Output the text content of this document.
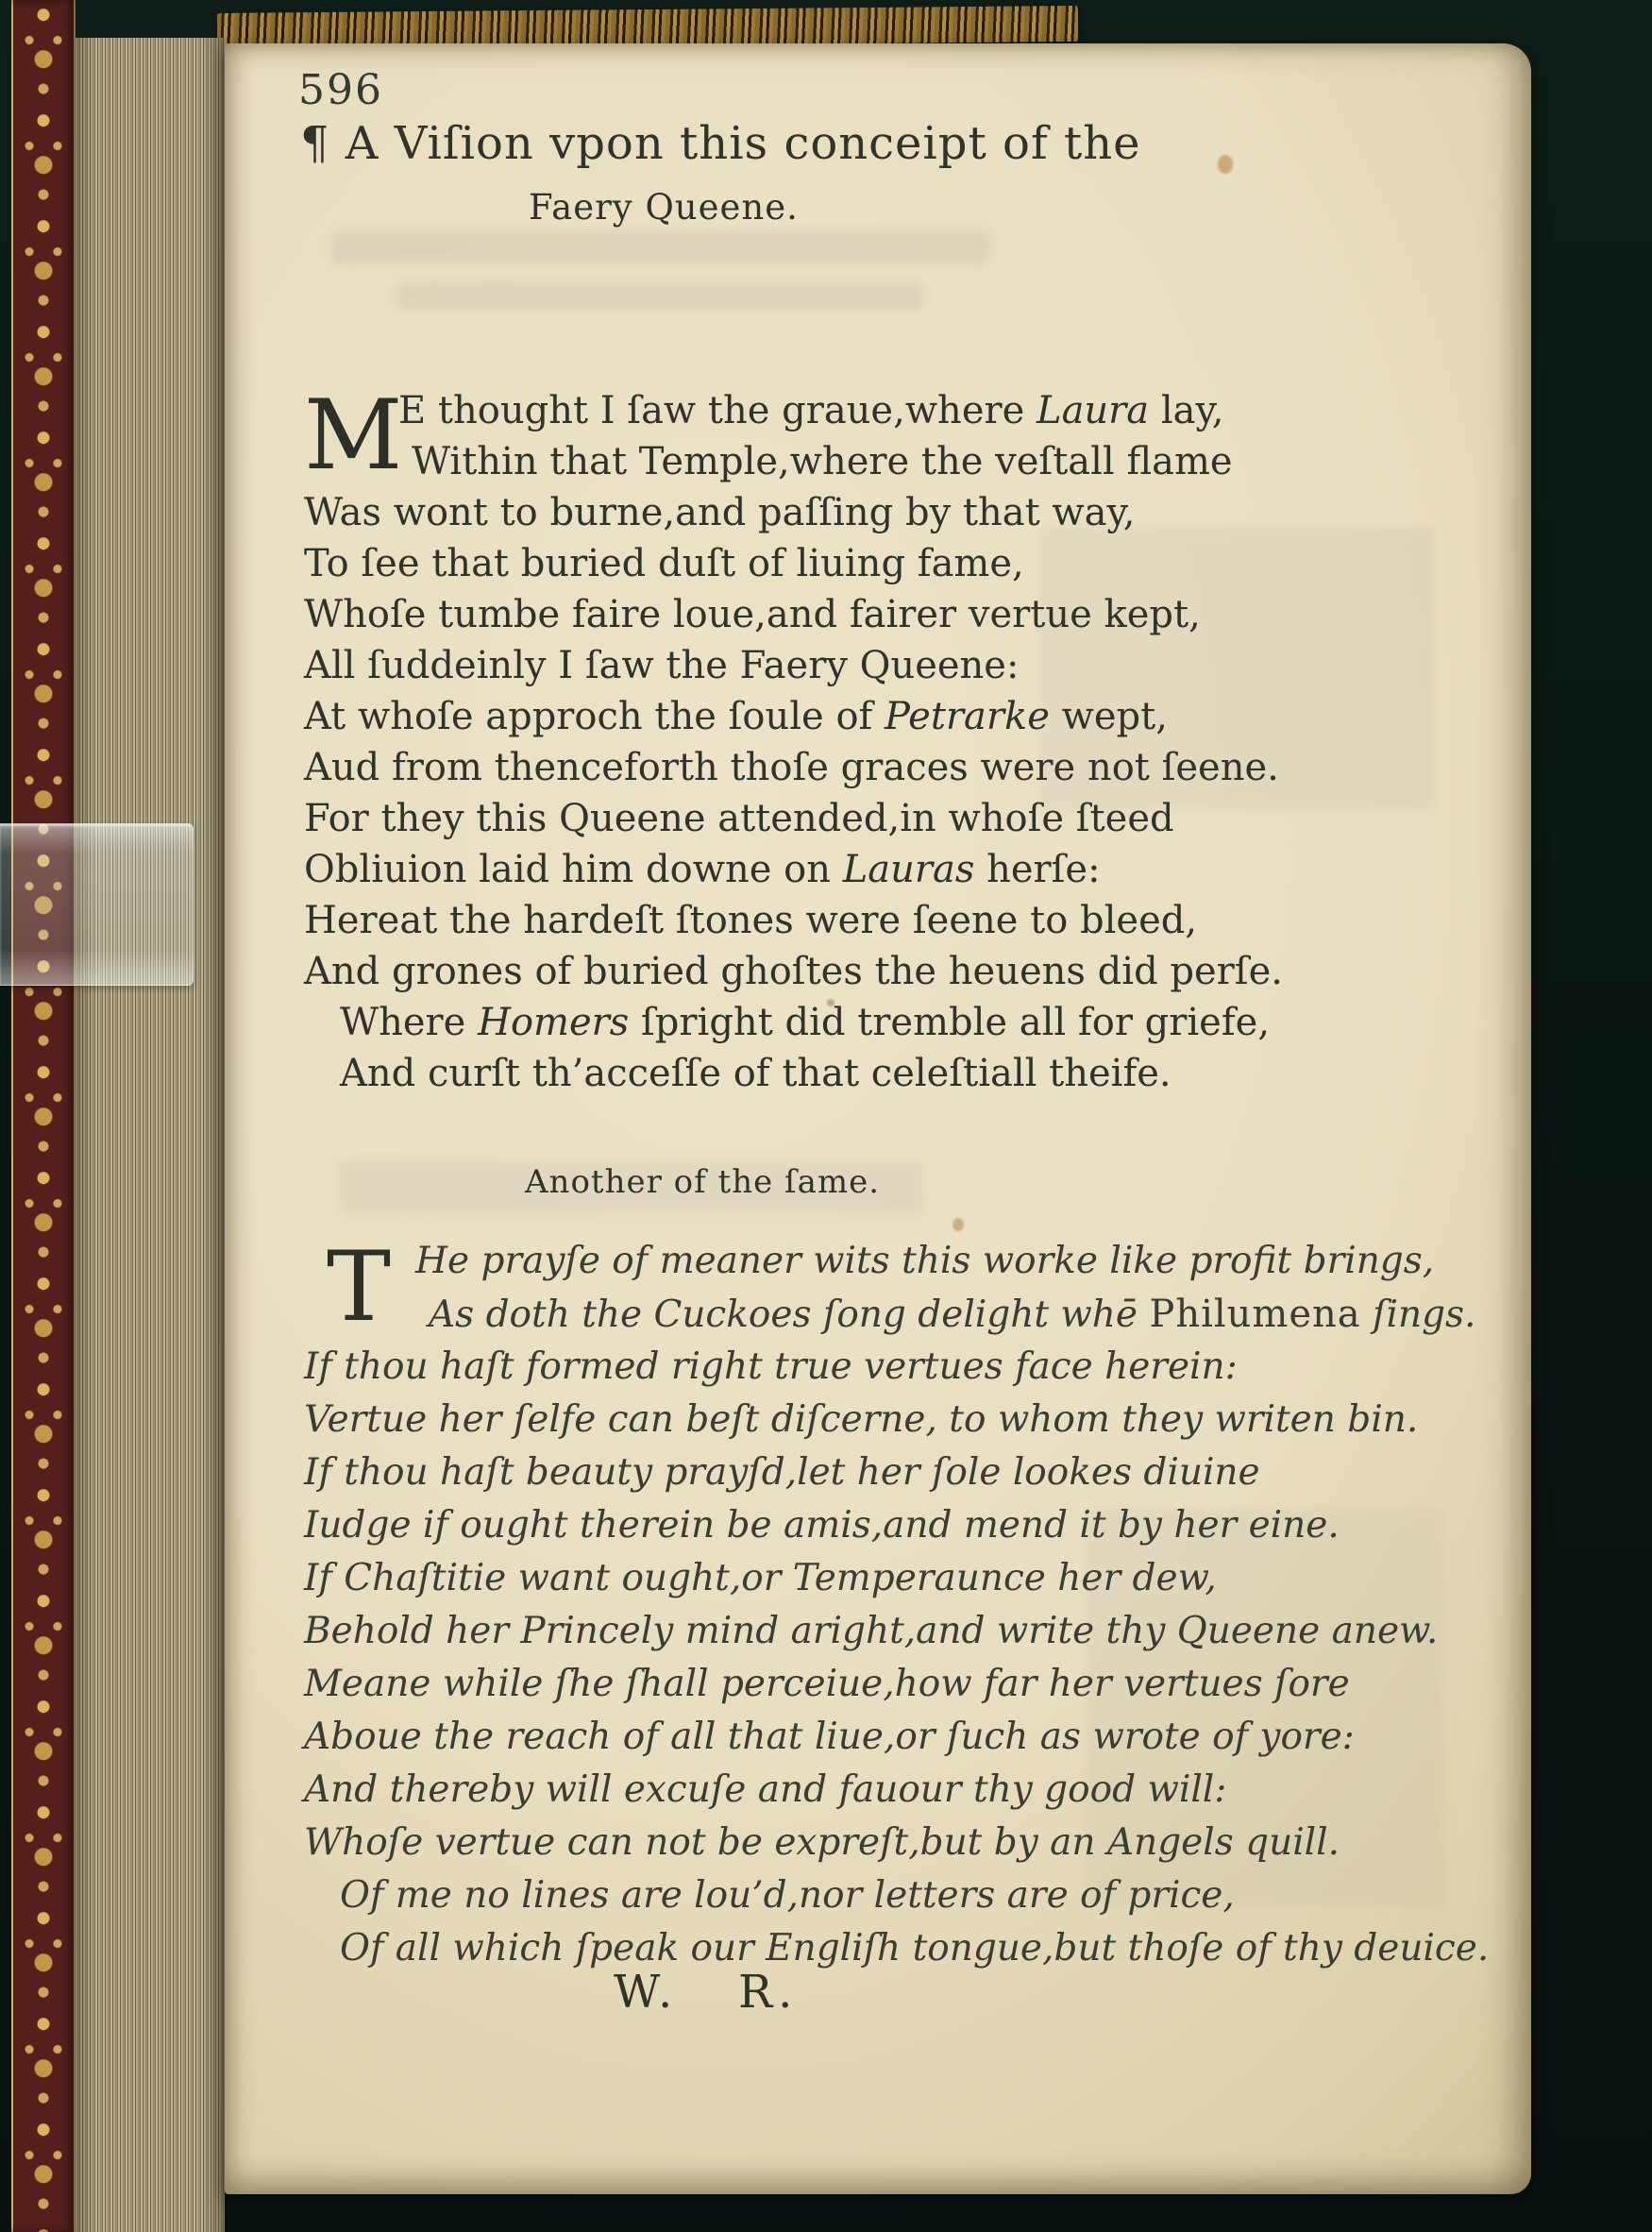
596
¶ A Viſion vpon this conceipt of the
Faery Queene.
M
E thought I ſaw the graue,where Laura lay,
Within that Temple,where the veſtall flame
Was wont to burne,and paſſing by that way,
To ſee that buried duſt of liuing fame,
Whoſe tumbe faire loue,and fairer vertue kept,
All ſuddeinly I ſaw the Faery Queene:
At whoſe approch the ſoule of Petrarke wept,
Aud from thenceforth thoſe graces were not ſeene.
For they this Queene attended,in whoſe ſteed
Obliuion laid him downe on Lauras herſe:
Hereat the hardeſt ſtones were ſeene to bleed,
And grones of buried ghoſtes the heuens did perſe.
Where Homers ſpright did tremble all for griefe,
And curſt th’acceſſe of that celeſtiall theife.
Another of the ſame.
T He prayſe of meaner wits this worke like profit brings,
As doth the Cuckoes ſong delight whē Philumena ſings.
If thou haſt formed right true vertues face herein:
Vertue her ſelfe can beſt diſcerne, to whom they writen bin.
If thou haſt beauty prayſd,let her ſole lookes diuine
Iudge if ought therein be amis,and mend it by her eine.
If Chaſtitie want ought,or Temperaunce her dew,
Behold her Princely mind aright,and write thy Queene anew.
Meane while ſhe ſhall perceiue,how far her vertues ſore
Aboue the reach of all that liue,or ſuch as wrote of yore:
And thereby will excuſe and fauour thy good will:
Whoſe vertue can not be expreſt,but by an Angels quill.
Of me no lines are lou’d,nor letters are of price,
Of all which ſpeak our Engliſh tongue,but thoſe of thy deuice.
W.   R.
